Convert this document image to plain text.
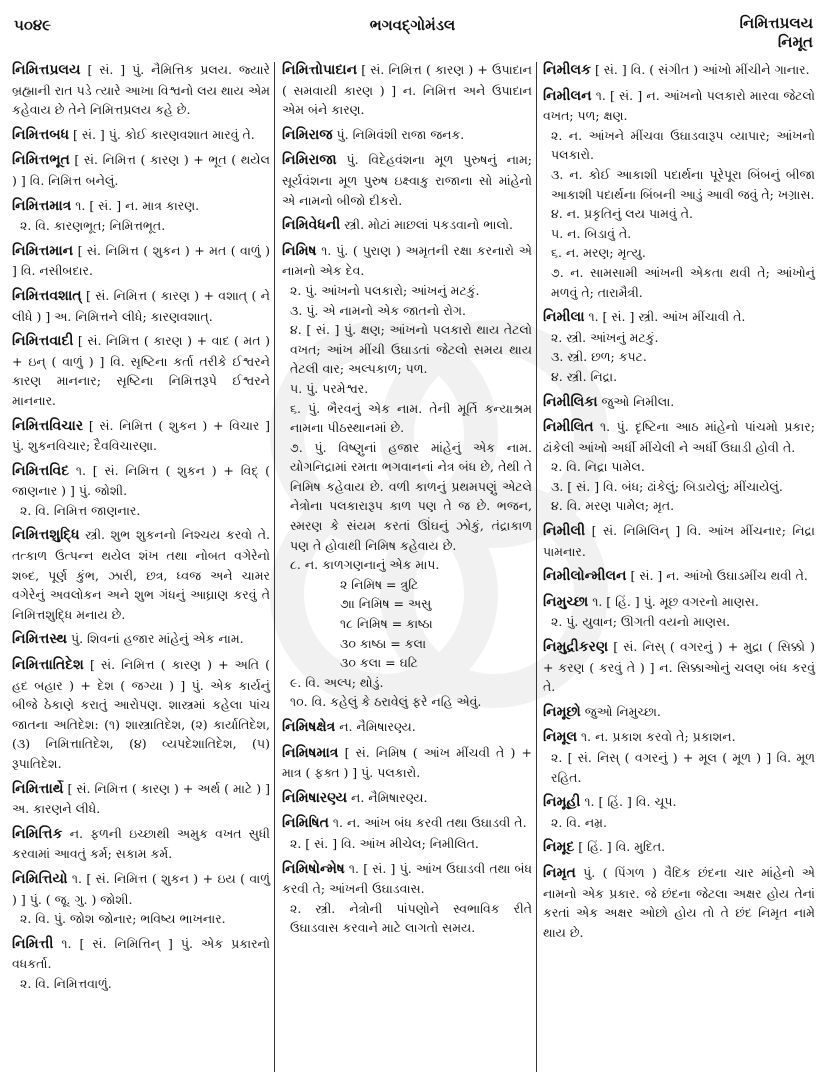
૫૦૪૯	ભગવદ્ગોમંડલ	નિમિત્તપ્રલય
નિમૂત
નિમિત્તપ્રલય [ સં. ] પું. નૈમિત્તિક પ્રલય. જ્યારે બ્રહ્માની રાત પડે ત્યારે આખા વિશ્વનો લય થાય એમ કહેવાય છે તેને નિમિત્તપ્રલય કહે છે.
નિમિત્તબધ [ સં. ] પું. કોઈ કારણવશાત મારવું તે.
નિમિત્તભૂત [ સં. નિમિત્ત ( કારણ ) + ભૂત ( થયેલ ) ] વિ. નિમિત્ત બનેલું.
નિમિત્તમાત્ર ૧. [ સં. ] ન. માત્ર કારણ.
૨. વિ. કારણભૂત; નિમિત્તભૂત.
નિમિત્તમાન [ સં. નિમિત્ત ( શુકન ) + મત ( વાળું ) ] વિ. નસીબદાર.
નિમિત્તવશાત્ [ સં. નિમિત્ત ( કારણ ) + વશાત્ ( ને લીધે ) ] અ. નિમિત્તને લીધે; કારણવશાત્.
નિમિત્તવાદી [ સં. નિમિત્ત ( કારણ ) + વાદ ( મત ) + ઇન્ ( વાળું ) ] વિ. સૃષ્ટિના કર્તા તરીકે ઈશ્વરને કારણ માનનાર; સૃષ્ટિના નિમિત્તરૂપે ઈશ્વરને માનનાર.
નિમિત્તવિચાર [ સં. નિમિત્ત ( શુકન ) + વિચાર ] પું. શુકનવિચાર; દૈવવિચારણા.
નિમિત્તવિદ ૧. [ સં. નિમિત્ત ( શુકન ) + વિદ્ ( જાણનાર ) ] પું. જોશી.
૨. વિ. નિમિત્ત જાણનાર.
નિમિત્તશુદ્ધિ સ્ત્રી. શુભ શુકનનો નિશ્ચય કરવો તે. તત્કાળ ઉત્પન્ન થયેલ શંખ તથા નોબત વગેરેનો શબ્દ, પૂર્ણ કુંભ, ઝારી, છત્ર, ધ્વજ અને ચામર વગેરેનું અવલોકન અને શુભ ગંધનું આઘ્રાણ કરવું તે નિમિત્તશુદ્ધિ મનાય છે.
નિમિત્તસ્થ પું. શિવનાં હજાર માંહેનું એક નામ.
નિમિત્તાતિદેશ [ સં. નિમિત્ત ( કારણ ) + અતિ ( હદ બહાર ) + દેશ ( જગ્યા ) ] પું. એક કાર્યનું બીજે ઠેકાણે કરાતું આરોપણ. શાસ્ત્રમાં કહેલા પાંચ જાતના અતિદેશ: (૧) શાસ્ત્રાતિદેશ, (૨) કાર્યાતિદેશ, (૩) નિમિત્તાતિદેશ, (૪) વ્યપદેશાતિદેશ, (૫) રૂપાતિદેશ.
નિમિત્તાર્થે [ સં. નિમિત્ત ( કારણ ) + અર્થ ( માટે ) ] અ. કારણને લીધે.
નિમિત્તિક ન. ફળની ઇચ્છાથી અમુક વખત સુધી કરવામાં આવતું કર્મ; સકામ કર્મ.
નિમિત્તિયો ૧. [ સં. નિમિત્ત ( શુકન ) + ઇય ( વાળું ) ] પું. ( જૂ. ગુ. ) જોશી.
૨. વિ. પું. જોશ જોનાર; ભવિષ્ય ભાખનાર.
નિમિત્તી ૧. [ સં. નિમિત્તિન્ ] પું. એક પ્રકારનો વધકર્તા.
૨. વિ. નિમિત્તવાળું.
નિમિત્તોપાદાન [ સં. નિમિત્ત ( કારણ ) + ઉપાદાન ( સમવાયી કારણ ) ] ન. નિમિત્ત અને ઉપાદાન એમ બંને કારણ.
નિમિરાજ પું. નિમિવંશી રાજા જનક.
નિમિરાજા પું. વિદેહવંશના મૂળ પુરુષનું નામ; સૂર્યવંશના મૂળ પુરુષ ઇક્ષ્વાકુ રાજાના સો માંહેનો એ નામનો બીજો દીકરો.
નિમિવેધની સ્ત્રી. મોટાં માછલાં પકડવાનો ભાલો.
નિમિષ ૧. પું. ( પુરાણ ) અમૃતની રક્ષા કરનારો એ નામનો એક દેવ.
૨. પું. આંખનો પલકારો; આંખનું મટકું.
૩. પું. એ નામનો એક જાતનો રોગ.
૪. [ સં. ] પું. ક્ષણ; આંખનો પલકારો થાય તેટલો વખત; આંખ મીંચી ઉઘાડતાં જેટલો સમય થાય તેટલી વાર; અલ્પકાળ; પળ.
૫. પું. પરમેશ્વર.
૬. પું. ભૈરવનું એક નામ. તેની મૂર્તિ કન્યાશ્રમ નામના પીઠસ્થાનમાં છે.
૭. પું. વિષ્ણુનાં હજાર માંહેનું એક નામ. યોગનિદ્રામાં રમતા ભગવાનનાં નેત્ર બંધ છે, તેથી તે નિમિષ કહેવાય છે. વળી કાળનું પ્રથમપણું એટલે નેત્રોના પલકારારૂપ કાળ પણ તે જ છે. ભજન, સ્મરણ કે સંયમ કરતાં ઊંઘનું ઝોકું, તંદ્રાકાળ પણ તે હોવાથી નિમિષ કહેવાય છે.
૮. ન. કાળગણનાનું એક માપ.
૨ નિમિષ = ત્રુટિ
૭ાા નિમિષ = અસુ
૧૮ નિમિષ = કાષ્ઠા
૩૦ કાષ્ઠા = કલા
૩૦ કલા = ઘટિ
૯. વિ. અલ્પ; થોડું.
૧૦. વિ. કહેલું કે ઠરાવેલું ફરે નહિ એવું.
નિમિષક્ષેત્ર ન. નૈમિષારણ્ય.
નિમિષમાત્ર [ સં. નિમિષ ( આંખ મીંચવી તે ) + માત્ર ( ફક્ત ) ] પું. પલકારો.
નિમિષારણ્ય ન. નૈમિષારણ્ય.
નિમિષિત ૧. ન. આંખ બંધ કરવી તથા ઉઘાડવી તે.
૨. [ સં. ] વિ. આંખ મીચેલ; નિમીલિત.
નિમિષોન્મેષ ૧. [ સં. ] પું. આંખ ઉઘાડવી તથા બંધ કરવી તે; આંખની ઉઘાડવાસ.
૨. સ્ત્રી. નેત્રોની પાંપણોને સ્વભાવિક રીતે ઉઘાડવાસ કરવાને માટે લાગતો સમય.
નિમીલક [ સં. ] વિ. ( સંગીત ) આંખો મીંચીને ગાનાર.
નિમીલન ૧. [ સં. ] ન. આંખનો પલકારો મારવા જેટલો વખત; પળ; ક્ષણ.
૨. ન. આંખને મીંચવા ઉઘાડવારૂપ વ્યાપાર; આંખનો પલકારો.
૩. ન. કોઈ આકાશી પદાર્થના પૂરેપૂરા બિંબનું બીજા આકાશી પદાર્થના બિંબની આડું આવી જવું તે; ખગ્રાસ.
૪. ન. પ્રકૃતિનું લય પામવું તે.
૫. ન. બિડાવું તે.
૬. ન. મરણ; મૃત્યુ.
૭. ન. સામસામી આંખની એકતા થવી તે; આંખોનું મળવું તે; તારામૈત્રી.
નિમીલા ૧. [ સં. ] સ્ત્રી. આંખ મીંચાવી તે.
૨. સ્ત્રી. આંખનું મટકું.
૩. સ્ત્રી. છળ; કપટ.
૪. સ્ત્રી. નિદ્રા.
નિમીલિકા જુઓ નિમીલા.
નિમીલિત ૧. પું. દૃષ્ટિના આઠ માંહેનો પાંચમો પ્રકાર; ઢાંકેલી આંખો અર્ધી મીંચેલી ને અર્ધી ઉઘાડી હોવી તે.
૨. વિ. નિદ્રા પામેલ.
૩. [ સં. ] વિ. બંધ; ઢાંકેલું; બિડાયેલું; મીંચાયેલું.
૪. વિ. મરણ પામેલ; મૃત.
નિમીલી [ સં. નિમિલિન્ ] વિ. આંખ મીંચનાર; નિદ્રા પામનાર.
નિમીલોન્મીલન [ સં. ] ન. આંખો ઉઘાડમીંચ થવી તે.
નિમુચ્છા ૧. [ હિં. ] પું. મૂછ વગરનો માણસ.
૨. પું. યુવાન; ઊગતી વયનો માણસ.
નિમુદ્રીકરણ [ સં. નિસ્ ( વગરનું ) + મુદ્રા ( સિક્કો ) + કરણ ( કરવું તે ) ] ન. સિક્કાઓનું ચલણ બંધ કરવું તે.
નિમૂછો જુઓ નિમુચ્છા.
નિમૂલ ૧. ન. પ્રકાશ કરવો તે; પ્રકાશન.
૨. [ સં. નિસ્ ( વગરનું ) + મૂલ ( મૂળ ) ] વિ. મૂળ રહિત.
નિમૂહી ૧. [ હિં. ] વિ. ચૂપ.
૨. વિ. નમ્ર.
નિમૂદ [ હિં. ] વિ. મુદિત.
નિમૃત પું. ( પિંગળ ) વૈદિક છંદના ચાર માંહેનો એ નામનો એક પ્રકાર. જે છંદના જેટલા અક્ષર હોય તેનાં કરતાં એક અક્ષર ઓછો હોય તો તે છંદ નિમૃત નામે થાય છે.
